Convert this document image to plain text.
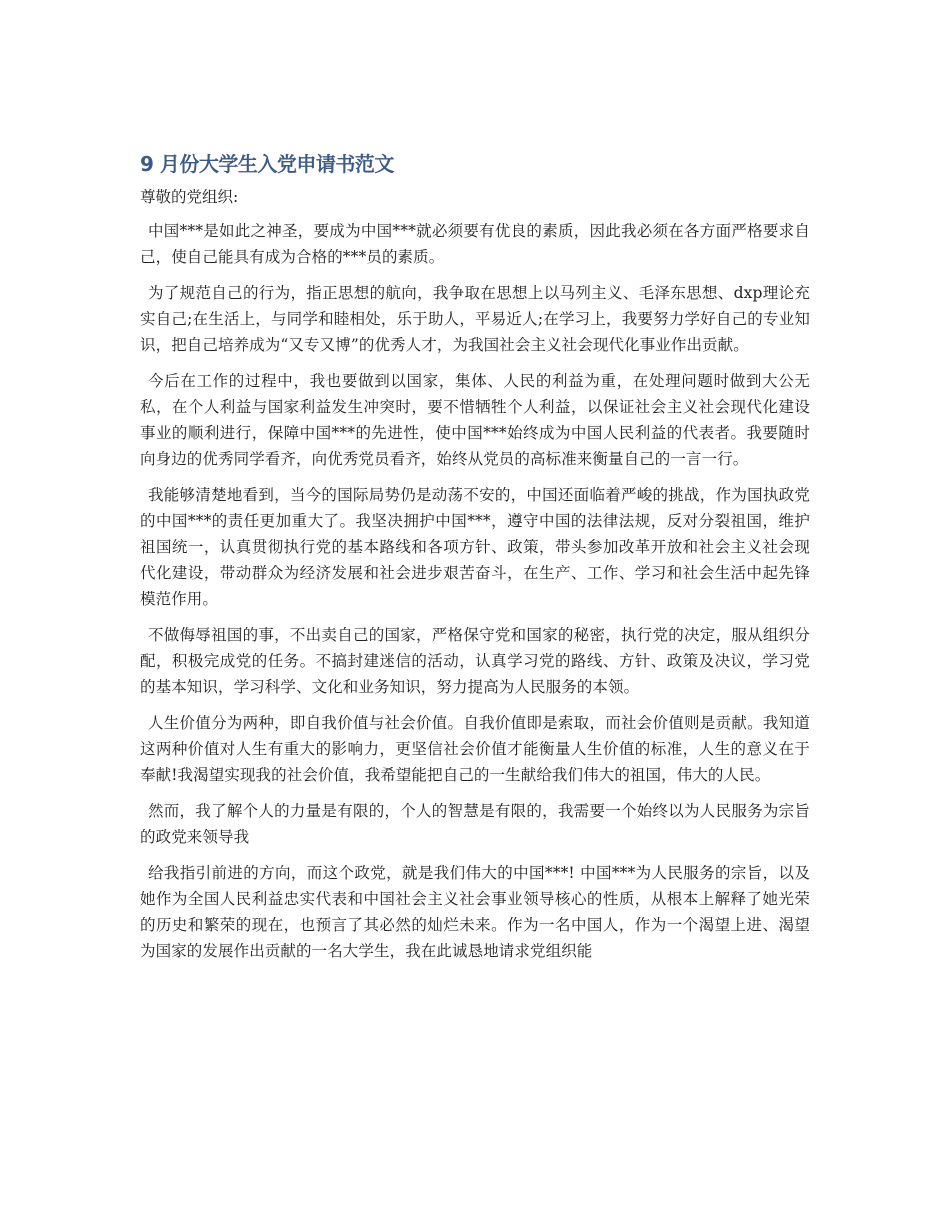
9 月份大学生入党申请书范文

尊敬的党组织:

中国***是如此之神圣，要成为中国***就必须要有优良的素质，因此我必须在各方面严格要求自己，使自己能具有成为合格的***员的素质。

为了规范自己的行为，指正思想的航向，我争取在思想上以马列主义、毛泽东思想、dxp理论充实自己;在生活上，与同学和睦相处，乐于助人，平易近人;在学习上，我要努力学好自己的专业知识，把自己培养成为“又专又博”的优秀人才，为我国社会主义社会现代化事业作出贡献。

今后在工作的过程中，我也要做到以国家，集体、人民的利益为重，在处理问题时做到大公无私，在个人利益与国家利益发生冲突时，要不惜牺牲个人利益，以保证社会主义社会现代化建设事业的顺利进行，保障中国***的先进性，使中国***始终成为中国人民利益的代表者。我要随时向身边的优秀同学看齐，向优秀党员看齐，始终从党员的高标准来衡量自己的一言一行。

我能够清楚地看到，当今的国际局势仍是动荡不安的，中国还面临着严峻的挑战，作为国执政党的中国***的责任更加重大了。我坚决拥护中国***，遵守中国的法律法规，反对分裂祖国，维护祖国统一，认真贯彻执行党的基本路线和各项方针、政策，带头参加改革开放和社会主义社会现代化建设，带动群众为经济发展和社会进步艰苦奋斗，在生产、工作、学习和社会生活中起先锋模范作用。

不做侮辱祖国的事，不出卖自己的国家，严格保守党和国家的秘密，执行党的决定，服从组织分配，积极完成党的任务。不搞封建迷信的活动，认真学习党的路线、方针、政策及决议，学习党的基本知识，学习科学、文化和业务知识，努力提高为人民服务的本领。

人生价值分为两种，即自我价值与社会价值。自我价值即是索取，而社会价值则是贡献。我知道这两种价值对人生有重大的影响力，更坚信社会价值才能衡量人生价值的标准，人生的意义在于奉献!我渴望实现我的社会价值，我希望能把自己的一生献给我们伟大的祖国，伟大的人民。

然而，我了解个人的力量是有限的，个人的智慧是有限的，我需要一个始终以为人民服务为宗旨的政党来领导我

给我指引前进的方向，而这个政党，就是我们伟大的中国***! 中国***为人民服务的宗旨，以及她作为全国人民利益忠实代表和中国社会主义社会事业领导核心的性质，从根本上解释了她光荣的历史和繁荣的现在，也预言了其必然的灿烂未来。作为一名中国人，作为一个渴望上进、渴望为国家的发展作出贡献的一名大学生，我在此诚恳地请求党组织能
